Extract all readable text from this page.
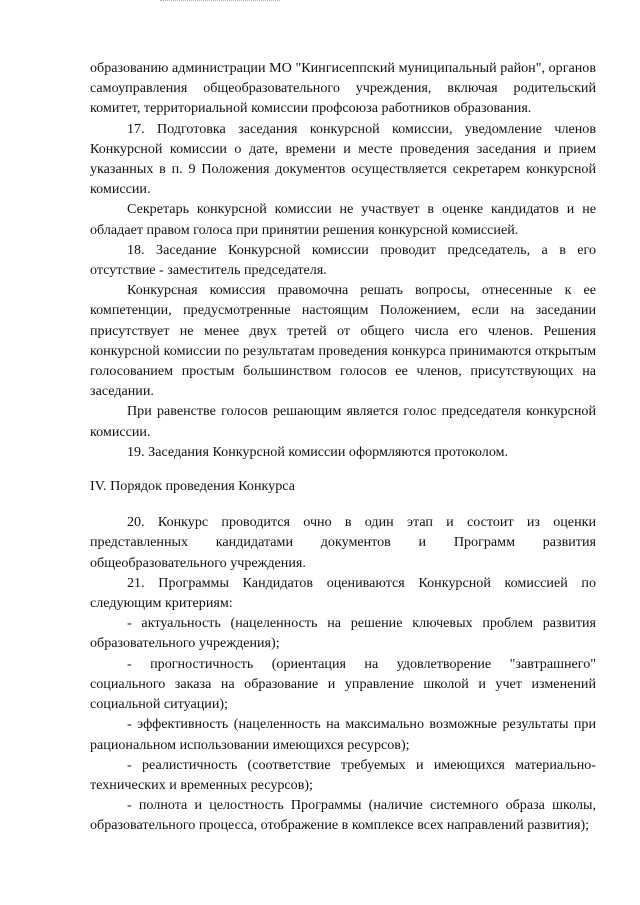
образованию администрации МО "Кингисеппский муниципальный район", органов самоуправления общеобразовательного учреждения, включая родительский комитет, территориальной комиссии профсоюза работников образования.

17. Подготовка заседания конкурсной комиссии, уведомление членов Конкурсной комиссии о дате, времени и месте проведения заседания и прием указанных в п. 9 Положения документов осуществляется секретарем конкурсной комиссии.

Секретарь конкурсной комиссии не участвует в оценке кандидатов и не обладает правом голоса при принятии решения конкурсной комиссией.

18. Заседание Конкурсной комиссии проводит председатель, а в его отсутствие - заместитель председателя.

Конкурсная комиссия правомочна решать вопросы, отнесенные к ее компетенции, предусмотренные настоящим Положением, если на заседании присутствует не менее двух третей от общего числа его членов. Решения конкурсной комиссии по результатам проведения конкурса принимаются открытым голосованием простым большинством голосов ее членов, присутствующих на заседании.

При равенстве голосов решающим является голос председателя конкурсной комиссии.

19. Заседания Конкурсной комиссии оформляются протоколом.

IV. Порядок проведения Конкурса

20. Конкурс проводится очно в один этап и состоит из оценки представленных кандидатами документов и Программ развития общеобразовательного учреждения.

21. Программы Кандидатов оцениваются Конкурсной комиссией по следующим критериям:

- актуальность (нацеленность на решение ключевых проблем развития образовательного учреждения);

- прогностичность (ориентация на удовлетворение "завтрашнего" социального заказа на образование и управление школой и учет изменений социальной ситуации);

- эффективность (нацеленность на максимально возможные результаты при рациональном использовании имеющихся ресурсов);

- реалистичность (соответствие требуемых и имеющихся материально-технических и временных ресурсов);

- полнота и целостность Программы (наличие системного образа школы, образовательного процесса, отображение в комплексе всех направлений развития);
